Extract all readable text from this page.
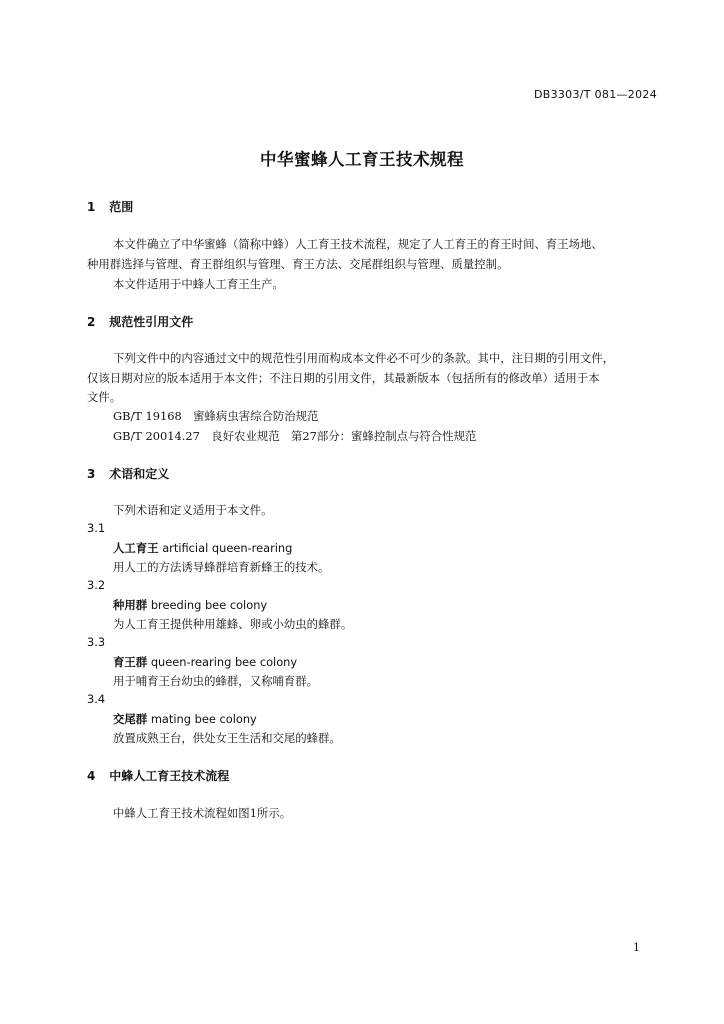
DB3303/T 081—2024
中华蜜蜂人工育王技术规程
1 范围
本文件确立了中华蜜蜂（简称中蜂）人工育王技术流程，规定了人工育王的育王时间、育王场地、
种用群选择与管理、育王群组织与管理、育王方法、交尾群组织与管理、质量控制。
本文件适用于中蜂人工育王生产。
2 规范性引用文件
下列文件中的内容通过文中的规范性引用而构成本文件必不可少的条款。其中，注日期的引用文件，
仅该日期对应的版本适用于本文件；不注日期的引用文件，其最新版本（包括所有的修改单）适用于本
文件。
GB/T 19168　蜜蜂病虫害综合防治规范
GB/T 20014.27　良好农业规范　第27部分：蜜蜂控制点与符合性规范
3 术语和定义
下列术语和定义适用于本文件。
3.1
人工育王 artificial queen-rearing
用人工的方法诱导蜂群培育新蜂王的技术。
3.2
种用群 breeding bee colony
为人工育王提供种用雄蜂、卵或小幼虫的蜂群。
3.3
育王群 queen-rearing bee colony
用于哺育王台幼虫的蜂群，又称哺育群。
3.4
交尾群 mating bee colony
放置成熟王台，供处女王生活和交尾的蜂群。
4 中蜂人工育王技术流程
中蜂人工育王技术流程如图1所示。
1
